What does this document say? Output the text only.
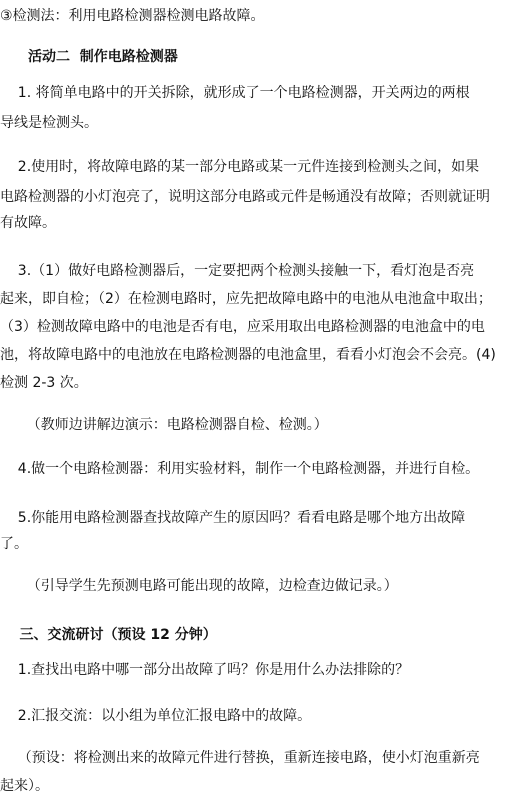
③检测法：利用电路检测器检测电路故障。

活动二  制作电路检测器

1. 将简单电路中的开关拆除，就形成了一个电路检测器，开关两边的两根

导线是检测头。

2.使用时，将故障电路的某一部分电路或某一元件连接到检测头之间，如果

电路检测器的小灯泡亮了，说明这部分电路或元件是畅通没有故障；否则就证明

有故障。

3.（1）做好电路检测器后，一定要把两个检测头接触一下，看灯泡是否亮

起来，即自检；（2）在检测电路时，应先把故障电路中的电池从电池盒中取出；

（3）检测故障电路中的电池是否有电，应采用取出电路检测器的电池盒中的电

池，将故障电路中的电池放在电路检测器的电池盒里，看看小灯泡会不会亮。(4)

检测 2-3 次。

（教师边讲解边演示：电路检测器自检、检测。）

4.做一个电路检测器：利用实验材料，制作一个电路检测器，并进行自检。

5.你能用电路检测器查找故障产生的原因吗？看看电路是哪个地方出故障

了。

（引导学生先预测电路可能出现的故障，边检查边做记录。）

三、交流研讨（预设 12 分钟）

1.查找出电路中哪一部分出故障了吗？你是用什么办法排除的？

2.汇报交流：以小组为单位汇报电路中的故障。

（预设：将检测出来的故障元件进行替换，重新连接电路，使小灯泡重新亮

起来）。
